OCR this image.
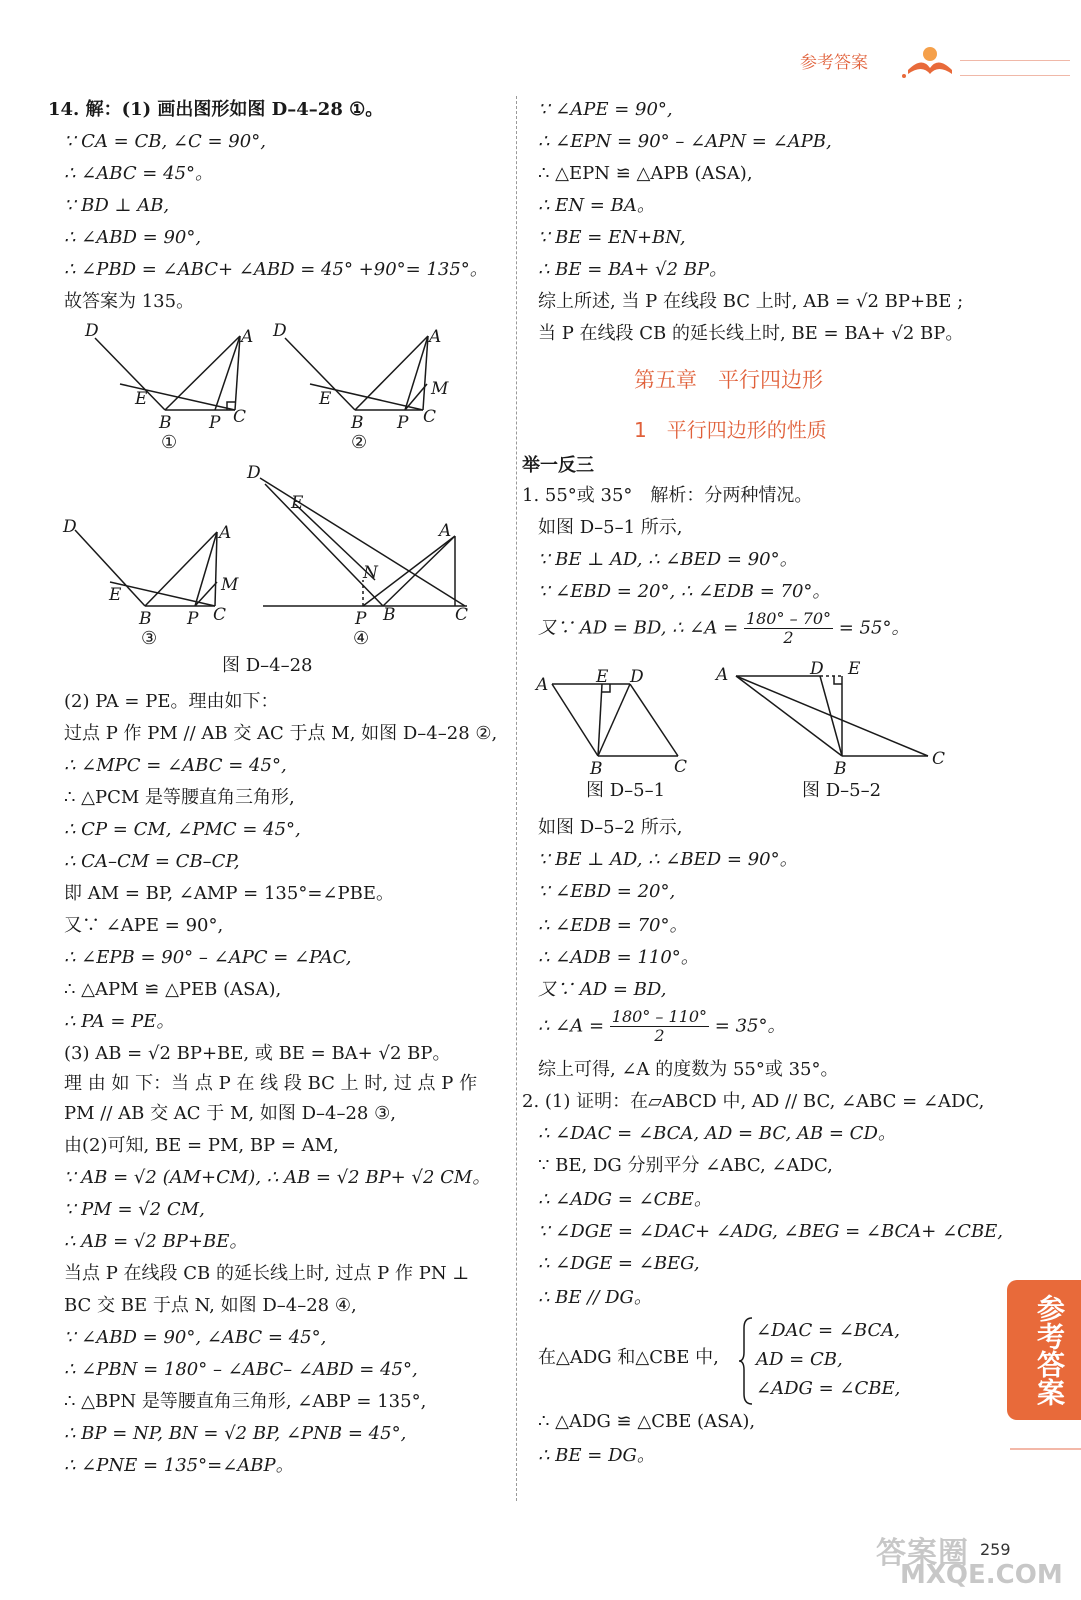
参考答案
14. 解：(1) 画出图形如图 D–4–28 ①。
∵ CA = CB, ∠C = 90°,
∴ ∠ABC = 45°。
∵ BD ⊥ AB,
∴ ∠ABD = 90°,
∴ ∠PBD = ∠ABC+ ∠ABD = 45° +90°= 135°。
故答案为 135。
D	A
E
B P C
①
D	A
E
B P C
M
②
D	A
E
B P C
M
③
D
E
N
A
P B	C
④
图 D–4–28
(2) PA = PE。理由如下：
过点 P 作 PM // AB 交 AC 于点 M, 如图 D–4–28 ②,
∴ ∠MPC = ∠ABC = 45°,
∴ △PCM 是等腰直角三角形,
∴ CP = CM, ∠PMC = 45°,
∴ CA–CM = CB–CP,
即 AM = BP, ∠AMP = 135°=∠PBE。
又∵ ∠APE = 90°,
∴ ∠EPB = 90° – ∠APC = ∠PAC,
∴ △APM ≌ △PEB (ASA),
∴ PA = PE。
(3) AB = √2 BP+BE, 或 BE = BA+ √2 BP。
理 由 如 下：当 点 P 在 线 段 BC 上 时, 过 点 P 作
PM // AB 交 AC 于 M, 如图 D–4–28 ③,
由(2)可知, BE = PM, BP = AM,
∵ AB = √2 (AM+CM), ∴ AB = √2 BP+ √2 CM。
∵ PM = √2 CM,
∴ AB = √2 BP+BE。
当点 P 在线段 CB 的延长线上时, 过点 P 作 PN ⊥
BC 交 BE 于点 N, 如图 D–4–28 ④,
∵ ∠ABD = 90°, ∠ABC = 45°,
∴ ∠PBN = 180° – ∠ABC– ∠ABD = 45°,
∴ △BPN 是等腰直角三角形, ∠ABP = 135°,
∴ BP = NP, BN = √2 BP, ∠PNB = 45°,
∴ ∠PNE = 135°=∠ABP。
∵ ∠APE = 90°,
∴ ∠EPN = 90° – ∠APN = ∠APB,
∴ △EPN ≌ △APB (ASA),
∴ EN = BA。
∵ BE = EN+BN,
∴ BE = BA+ √2 BP。
综上所述, 当 P 在线段 BC 上时, AB = √2 BP+BE ;
当 P 在线段 CB 的延长线上时, BE = BA+ √2 BP。
第五章　平行四边形
1　平行四边形的性质
举一反三
1. 55°或 35°　解析：分两种情况。
如图 D–5–1 所示,
∵ BE ⊥ AD, ∴ ∠BED = 90°。
∵ ∠EBD = 20°, ∴ ∠EDB = 70°。
又∵ AD = BD, ∴ ∠A = $\frac{180^\circ - 70^\circ}{2} = 55^\circ$。
A	E D
B	C
图 D–5–1
A	D E
B	C
图 D–5–2
如图 D–5–2 所示,
∵ BE ⊥ AD, ∴ ∠BED = 90°。
∵ ∠EBD = 20°,
∴ ∠EDB = 70°。
∴ ∠ADB = 110°。
又∵ AD = BD,
∴ ∠A = $\frac{180^\circ - 110^\circ}{2} = 35^\circ$。
综上可得, ∠A 的度数为 55°或 35°。
2. (1) 证明：在▱ABCD 中, AD // BC, ∠ABC = ∠ADC,
∴ ∠DAC = ∠BCA, AD = BC, AB = CD。
∵ BE, DG 分别平分 ∠ABC, ∠ADC,
∴ ∠ADG = ∠CBE。
∵ ∠DGE = ∠DAC+ ∠ADG, ∠BEG = ∠BCA+ ∠CBE,
∴ ∠DGE = ∠BEG,
∴ BE // DG。
在△ADG 和△CBE 中,
∠DAC = ∠BCA,
AD = CB,
∠ADG = ∠CBE,
∴ △ADG ≌ △CBE (ASA),
∴ BE = DG。
参考答案
答案圈
MXQE.COM
259
